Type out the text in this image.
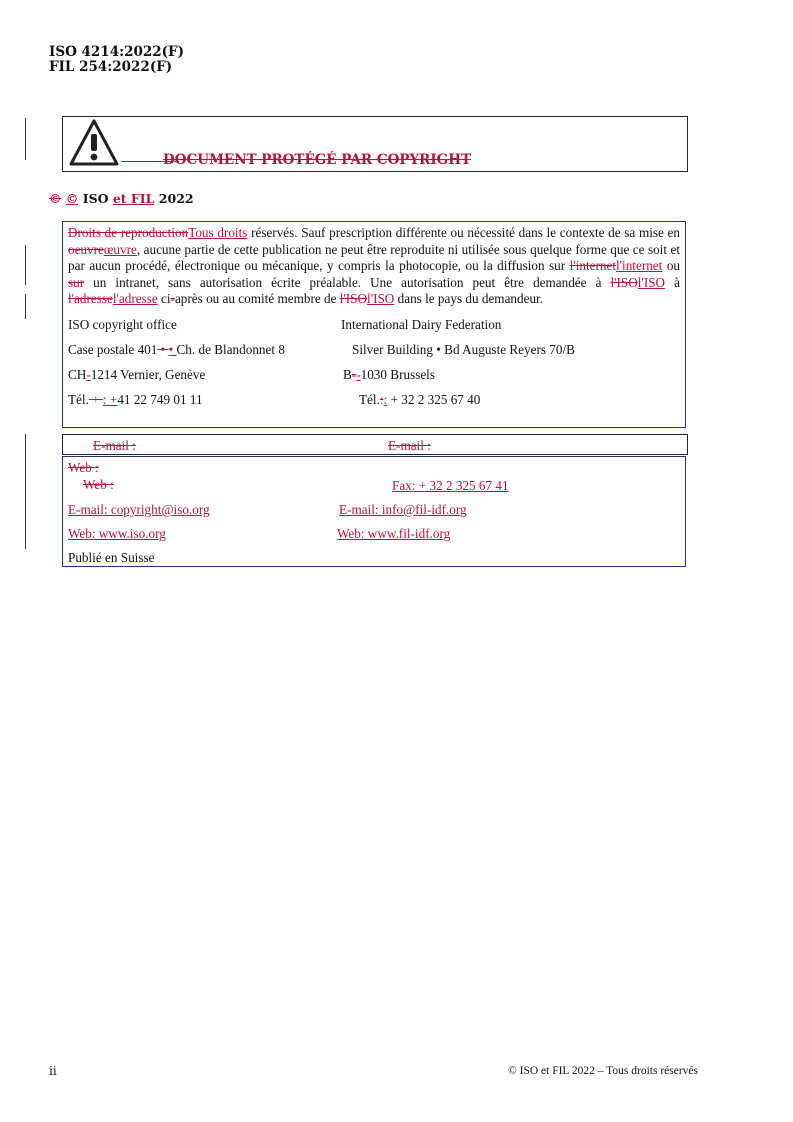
ISO 4214:2022(F)
FIL 254:2022(F)
DOCUMENT PROTÉGÉ PAR COPYRIGHT
© © ISO et FIL 2022
Droits de reproductionTous droits réservés. Sauf prescription différente ou nécessité dans le contexte de sa mise en oeuvreœuvre, aucune partie de cette publication ne peut être reproduite ni utilisée sous quelque forme que ce soit et par aucun procédé, électronique ou mécanique, y compris la photocopie, ou la diffusion sur l'internetl'internet ou sur un intranet, sans autorisation écrite préalable. Une autorisation peut être demandée à l'ISOl'ISO à l'adressel'adresse ci-après ou au comité membre de l'ISOl'ISO dans le pays du demandeur.
ISO copyright office	International Dairy Federation
Case postale 401 • • Ch. de Blandonnet 8	Silver Building • Bd Auguste Reyers 70/B
CH-1214 Vernier, Genève	B--1030 Brussels
Tél. + : +41 22 749 01 11	Tél.:: + 32 2 325 67 40
E-mail :	E-mail :
Web :
Web :	Fax: + 32 2 325 67 41
E-mail: copyright@iso.org	E-mail: info@fil-idf.org
Web: www.iso.org	Web: www.fil-idf.org
Publié en Suisse
ii	© ISO et FIL 2022 – Tous droits réservés
